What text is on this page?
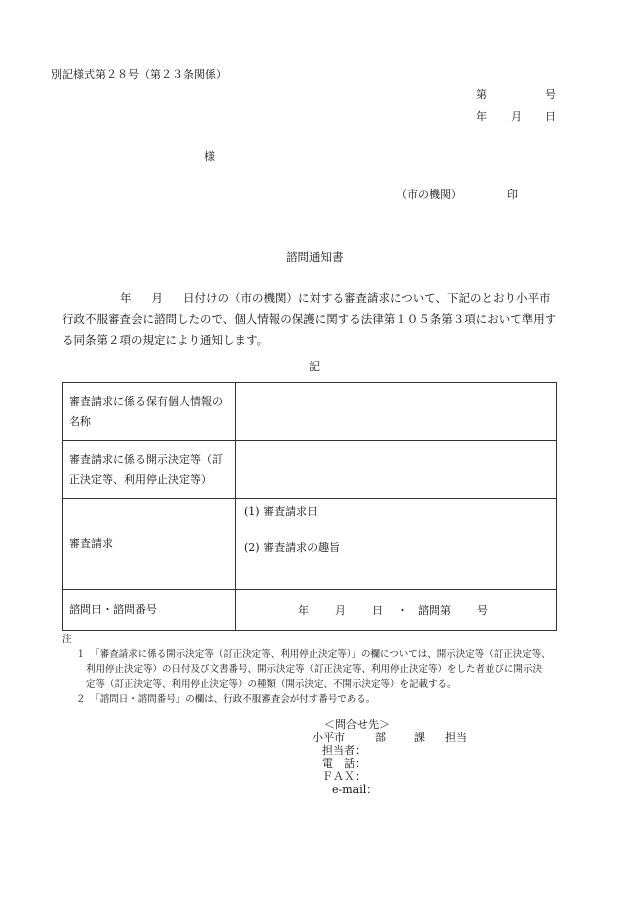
別記様式第２８号（第２３条関係）
第	号
年 月 日
様
（市の機関）	印
諮問通知書
年 月 日付けの（市の機関）に対する審査請求について、下記のとおり小平市
行政不服審査会に諮問したので、個人情報の保護に関する法律第１０５条第３項において準用す
る同条第２項の規定により通知します。
記
審査請求に係る保有個人情報の名称	
審査請求に係る開示決定等（訂正決定等、利用停止決定等）	
審査請求	(1) 審査請求日
(2) 審査請求の趣旨

諮問日・諮問番号	年 月 日 ・ 諮問第 号
注
１　「審査請求に係る開示決定等（訂正決定等、利用停止決定等）」の欄については、開示決定等（訂正決定等、
利用停止決定等）の日付及び文書番号、開示決定等（訂正決定等、利用停止決定等）をした者並びに開示決
定等（訂正決定等、利用停止決定等）の種類（開示決定、不開示決定等）を記載する。
２　「諮問日・諮問番号」の欄は、行政不服審査会が付す番号である。
＜問合せ先＞
小平市	部	課 担当
担当者：
電　話：
ＦＡＸ：
e-mail：
